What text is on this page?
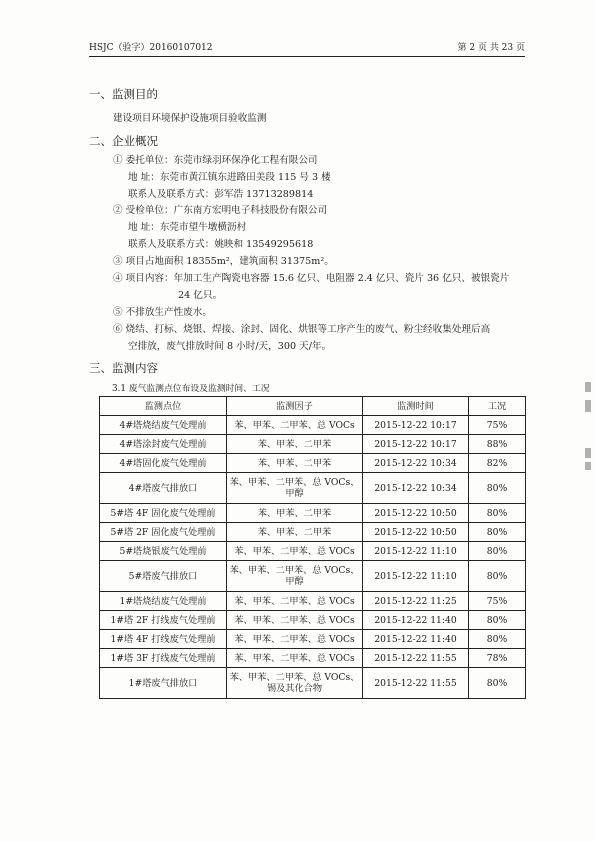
HSJC（验字）20160107012	第 2 页 共 23 页
一、监测目的
建设项目环境保护设施项目验收监测
二、企业概况
① 委托单位：东莞市绿羽环保净化工程有限公司
地 址：东莞市黄江镇东进路田美段 115 号 3 楼
联系人及联系方式：彭军浩 13713289814
② 受检单位：广东南方宏明电子科技股份有限公司
地 址：东莞市望牛墩横沥村
联系人及联系方式：姚映和 13549295618
③ 项目占地面积 18355m²，建筑面积 31375m²。
④ 项目内容：年加工生产陶瓷电容器 15.6 亿只、电阻器 2.4 亿只、瓷片 36 亿只、被银瓷片
24 亿只。
⑤ 不排放生产性废水。
⑥ 烧结、打标、烧银、焊接、涂封、固化、烘银等工序产生的废气、粉尘经收集处理后高
空排放，废气排放时间 8 小时/天，300 天/年。
三、监测内容
3.1 废气监测点位布设及监测时间、工况
监测点位	监测因子	监测时间	工况
4#塔烧结废气处理前	苯、甲苯、二甲苯、总 VOCs	2015-12-22 10:17	75%
4#塔涂封废气处理前	苯、甲苯、二甲苯	2015-12-22 10:17	88%
4#塔固化废气处理前	苯、甲苯、二甲苯	2015-12-22 10:34	82%
4#塔废气排放口	苯、甲苯、二甲苯、总 VOCs、甲醇	2015-12-22 10:34	80%
5#塔 4F 固化废气处理前	苯、甲苯、二甲苯	2015-12-22 10:50	80%
5#塔 2F 固化废气处理前	苯、甲苯、二甲苯	2015-12-22 10:50	80%
5#塔烧银废气处理前	苯、甲苯、二甲苯、总 VOCs	2015-12-22 11:10	80%
5#塔废气排放口	苯、甲苯、二甲苯、总 VOCs、甲醇	2015-12-22 11:10	80%
1#塔烧结废气处理前	苯、甲苯、二甲苯、总 VOCs	2015-12-22 11:25	75%
1#塔 2F 打线废气处理前	苯、甲苯、二甲苯、总 VOCs	2015-12-22 11:40	80%
1#塔 4F 打线废气处理前	苯、甲苯、二甲苯、总 VOCs	2015-12-22 11:40	80%
1#塔 3F 打线废气处理前	苯、甲苯、二甲苯、总 VOCs	2015-12-22 11:55	78%
1#塔废气排放口	苯、甲苯、二甲苯、总 VOCs、锡及其化合物	2015-12-22 11:55	80%
